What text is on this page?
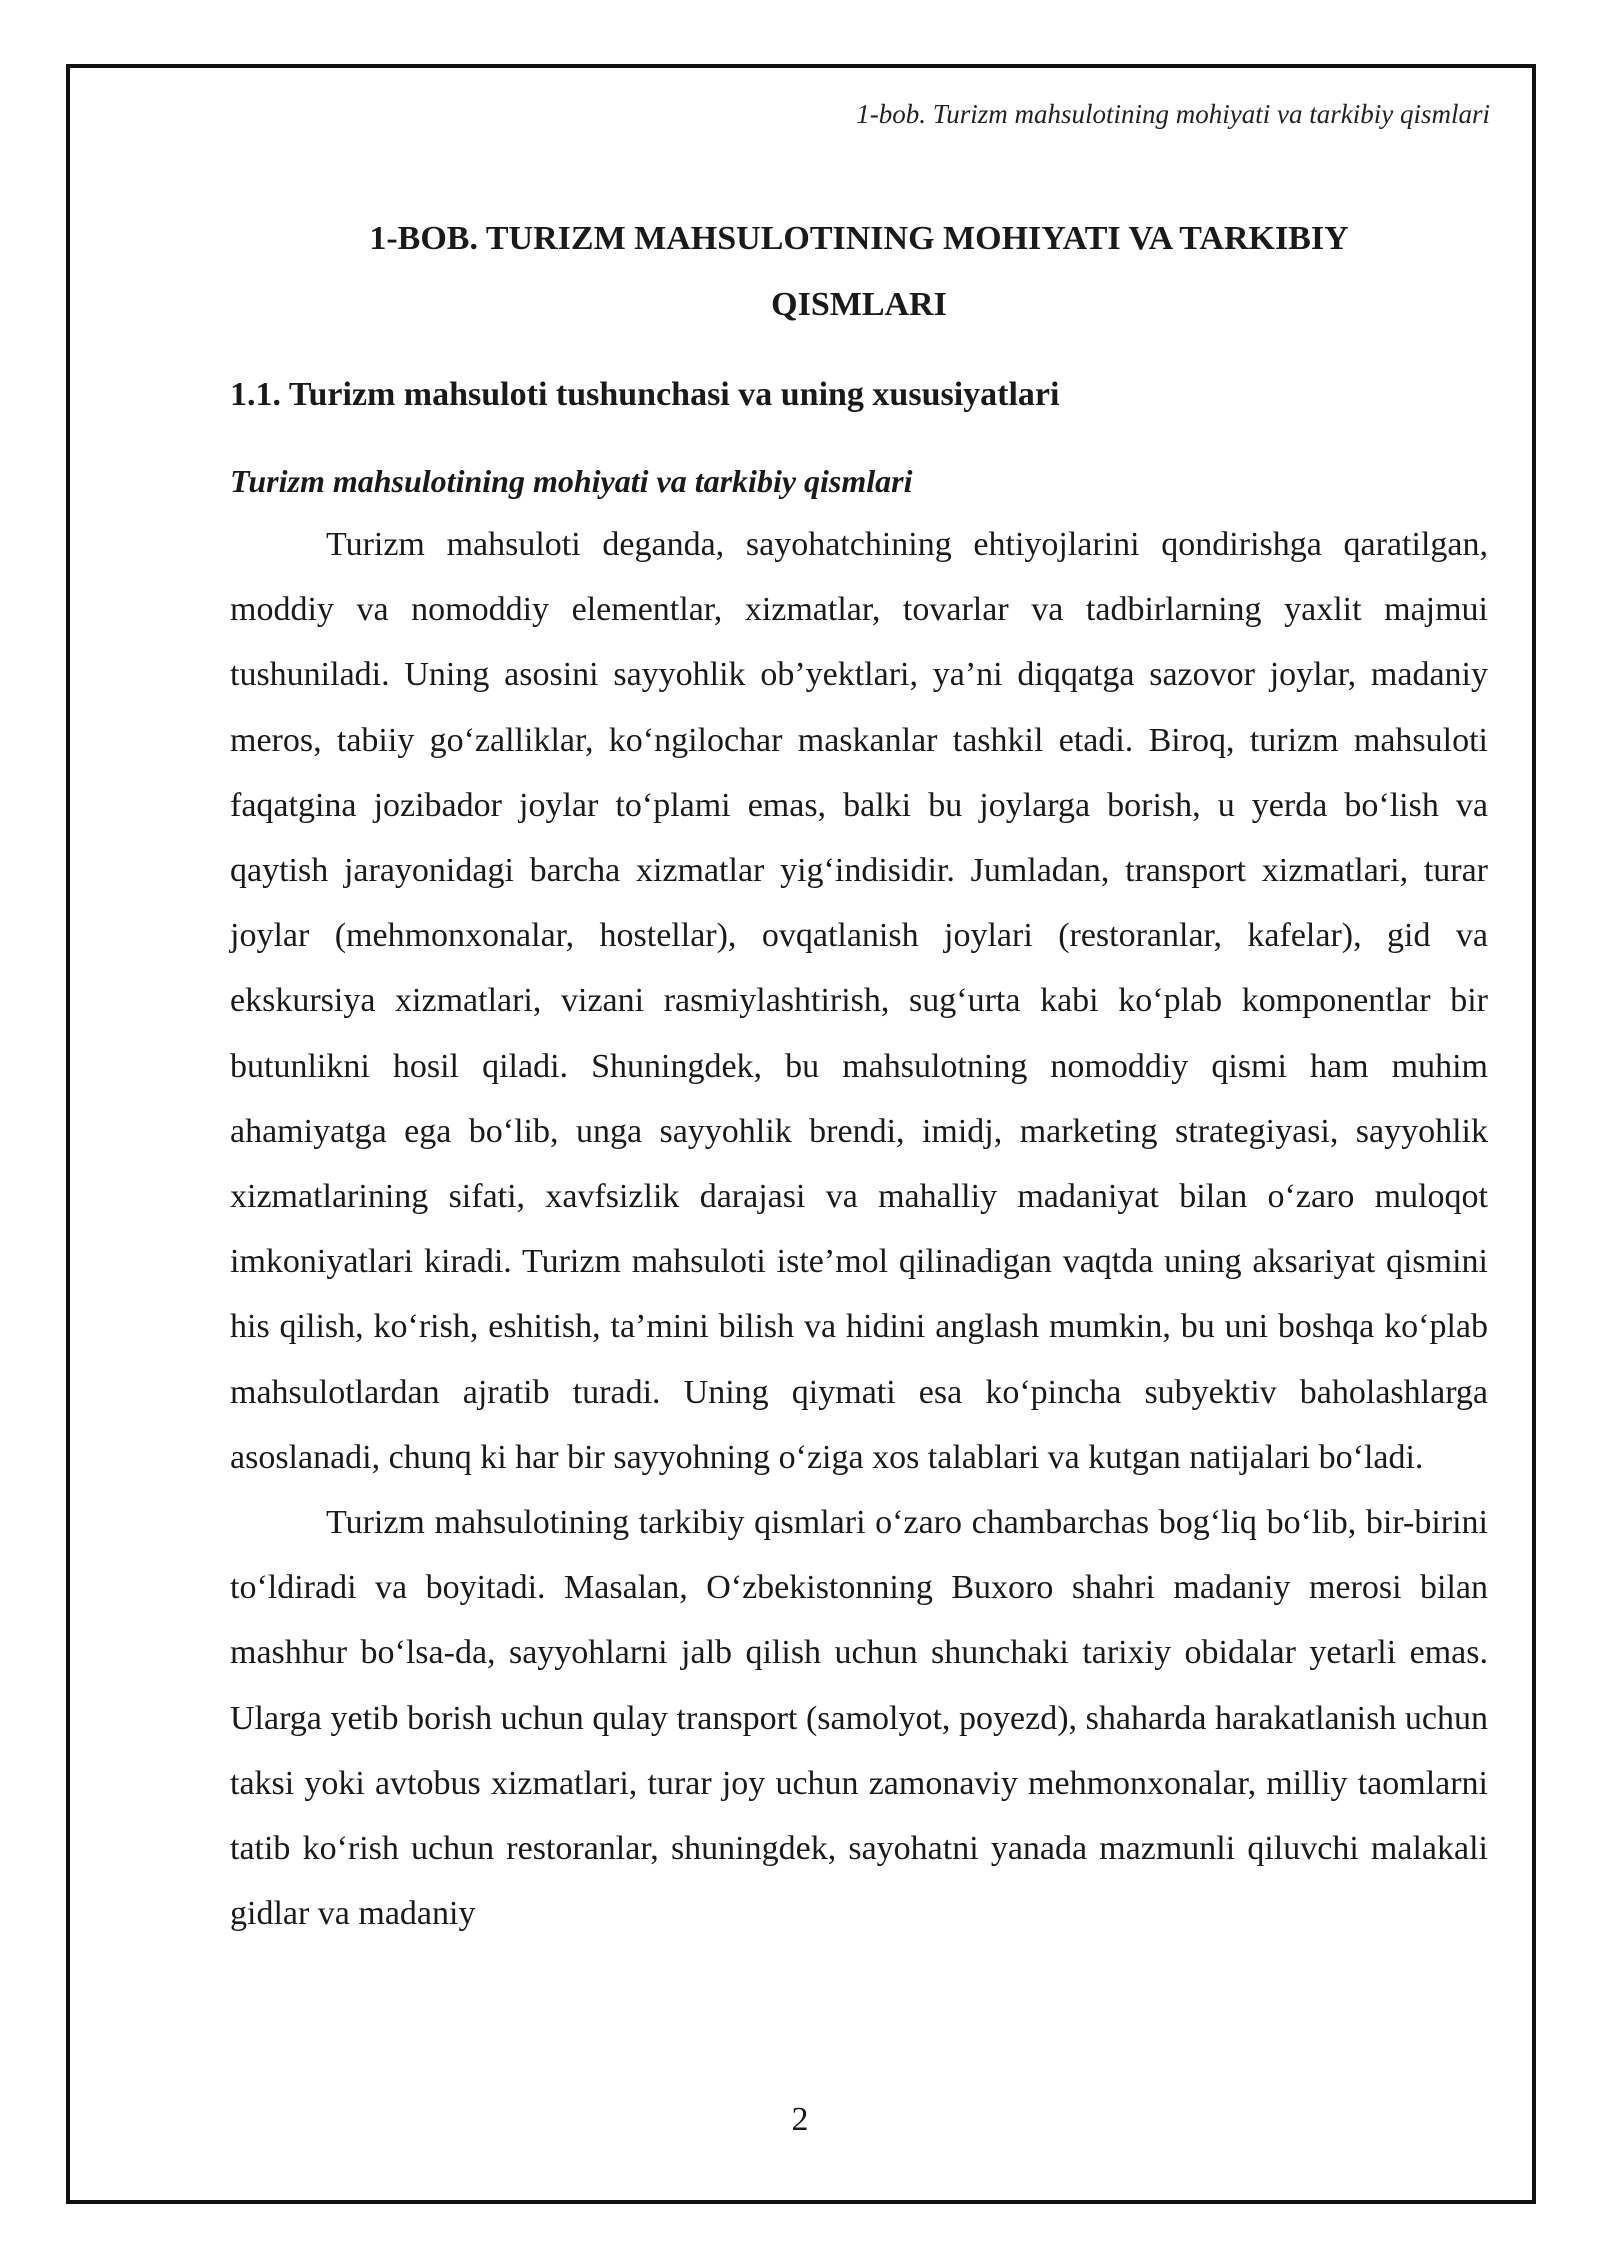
1-bob. Turizm mahsulotining mohiyati va tarkibiy qismlari
1-BOB. TURIZM MAHSULOTINING MOHIYATI VA TARKIBIY QISMLARI
1.1. Turizm mahsuloti tushunchasi va uning xususiyatlari
Turizm mahsulotining mohiyati va tarkibiy qismlari

Turizm mahsuloti deganda, sayohatchining ehtiyojlarini qondirishga qaratilgan, moddiy va nomoddiy elementlar, xizmatlar, tovarlar va tadbirlarning yaxlit majmui tushuniladi. Uning asosini sayyohlik ob’yektlari, ya’ni diqqatga sazovor joylar, madaniy meros, tabiiy go‘zalliklar, ko‘ngilochar maskanlar tashkil etadi. Biroq, turizm mahsuloti faqatgina jozibador joylar to‘plami emas, balki bu joylarga borish, u yerda bo‘lish va qaytish jarayonidagi barcha xizmatlar yig‘indisidir. Jumladan, transport xizmatlari, turar joylar (mehmonxonalar, hostellar), ovqatlanish joylari (restoranlar, kafelar), gid va ekskursiya xizmatlari, vizani rasmiylashtirish, sug‘urta kabi ko‘plab komponentlar bir butunlikni hosil qiladi. Shuningdek, bu mahsulotning nomoddiy qismi ham muhim ahamiyatga ega bo‘lib, unga sayyohlik brendi, imidj, marketing strategiyasi, sayyohlik xizmatlarining sifati, xavfsizlik darajasi va mahalliy madaniyat bilan o‘zaro muloqot imkoniyatlari kiradi. Turizm mahsuloti iste’mol qilinadigan vaqtda uning aksariyat qismini his qilish, ko‘rish, eshitish, ta’mini bilish va hidini anglash mumkin, bu uni boshqa ko‘plab mahsulotlardan ajratib turadi. Uning qiymati esa ko‘pincha subyektiv baholashlarga asoslanadi, chunq ki har bir sayyohning o‘ziga xos talablari va kutgan natijalari bo‘ladi.

Turizm mahsulotining tarkibiy qismlari o‘zaro chambarchas bog‘liq bo‘lib, bir-birini to‘ldiradi va boyitadi. Masalan, O‘zbekistonning Buxoro shahri madaniy merosi bilan mashhur bo‘lsa-da, sayyohlarni jalb qilish uchun shunchaki tarixiy obidalar yetarli emas. Ularga yetib borish uchun qulay transport (samolyot, poyezd), shaharda harakatlanish uchun taksi yoki avtobus xizmatlari, turar joy uchun zamonaviy mehmonxonalar, milliy taomlarni tatib ko‘rish uchun restoranlar, shuningdek, sayohatni yanada mazmunli qiluvchi malakali gidlar va madaniy

2
